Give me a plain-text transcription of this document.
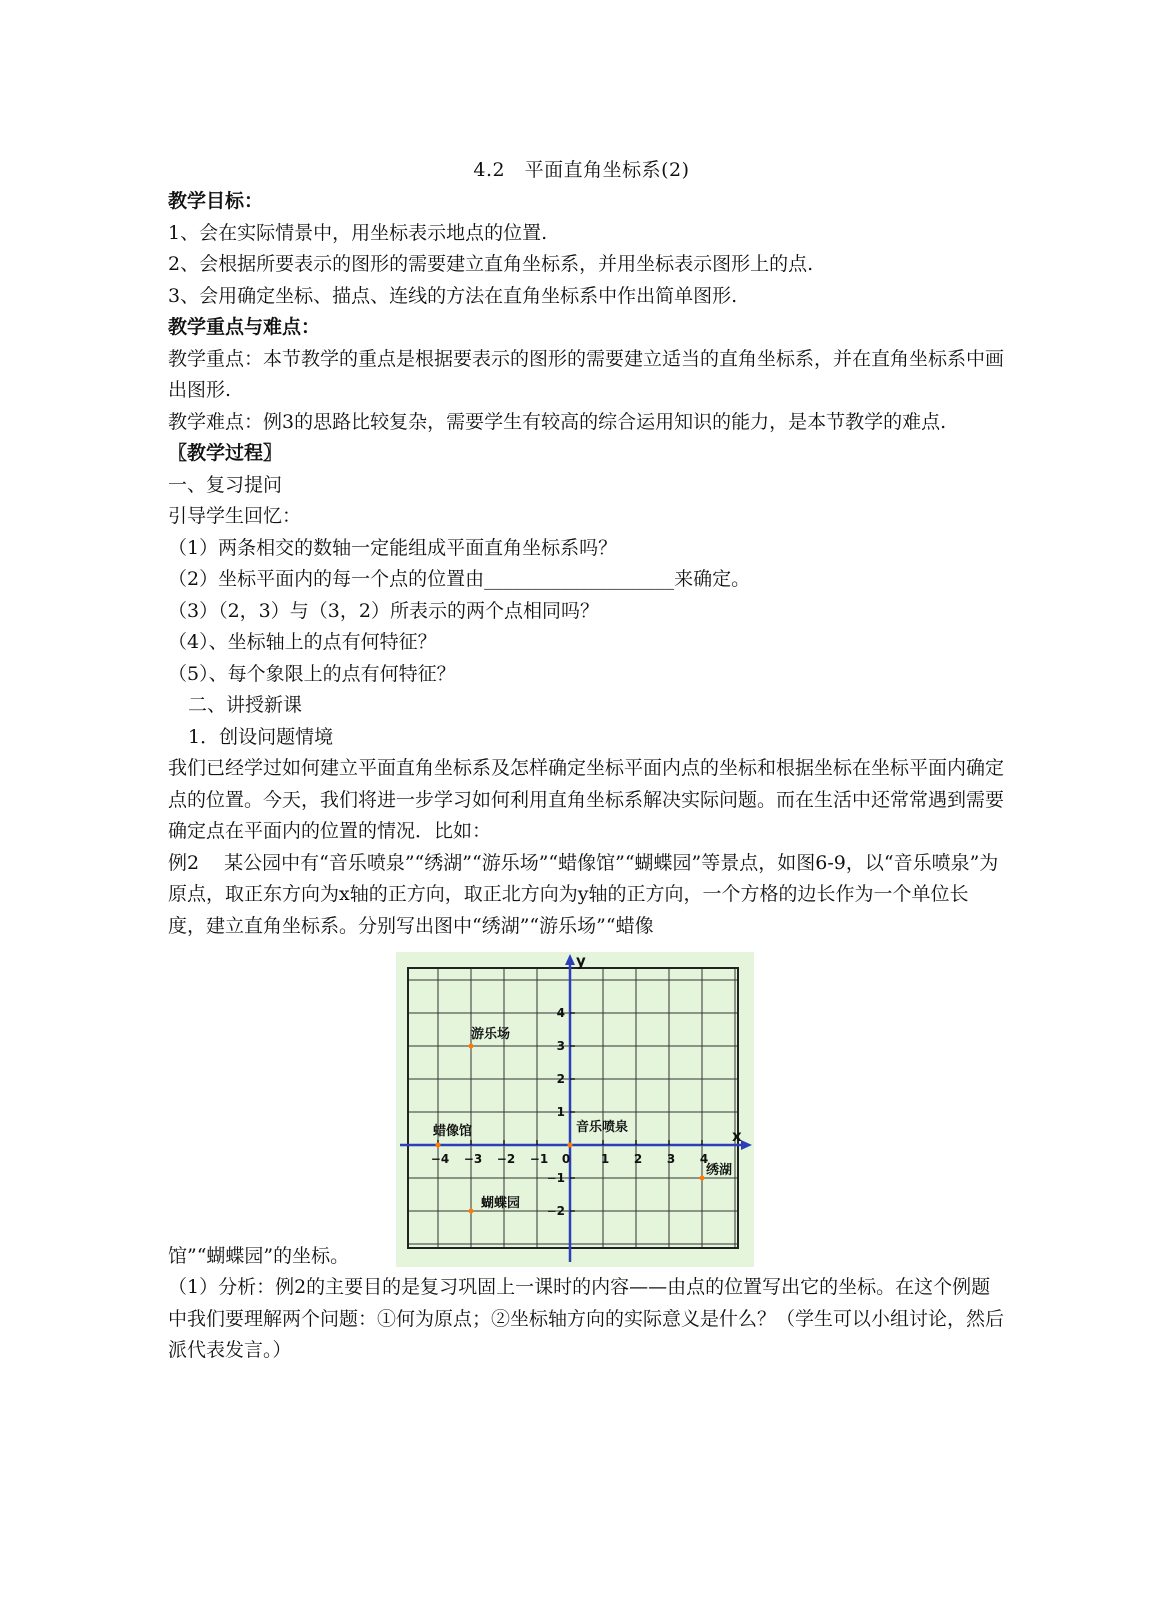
4.2　平面直角坐标系(2)

教学目标：

1、会在实际情景中，用坐标表示地点的位置.

2、会根据所要表示的图形的需要建立直角坐标系，并用坐标表示图形上的点.

3、会用确定坐标、描点、连线的方法在直角坐标系中作出简单图形.

教学重点与难点：

教学重点：本节教学的重点是根据要表示的图形的需要建立适当的直角坐标系，并在直角坐标系中画出图形.

教学难点：例3的思路比较复杂，需要学生有较高的综合运用知识的能力，是本节教学的难点.

〖教学过程〗

一、复习提问

引导学生回忆：

（1）两条相交的数轴一定能组成平面直角坐标系吗？

（2）坐标平面内的每一个点的位置由____________________来确定。

（3）（2，3）与（3，2）所表示的两个点相同吗？

（4）、坐标轴上的点有何特征？

（5）、每个象限上的点有何特征？

二、讲授新课

1．创设问题情境

我们已经学过如何建立平面直角坐标系及怎样确定坐标平面内点的坐标和根据坐标在坐标平面内确定点的位置。今天，我们将进一步学习如何利用直角坐标系解决实际问题。而在生活中还常常遇到需要确定点在平面内的位置的情况．比如：

例2　 某公园中有“音乐喷泉”“绣湖”“游乐场”“蜡像馆”“蝴蝶园”等景点，如图6-9，以“音乐喷泉”为原点，取正东方向为x轴的正方向，取正北方向为y轴的正方向，一个方格的边长作为一个单位长度，建立直角坐标系。分别写出图中“绣湖”“游乐场”“蜡像

馆”“蝴蝶园”的坐标。
y
x
−4 −3 −2 −1 0	1 2 3 4
4
3
2
1
−1
−2
游乐场
蜡像馆	音乐喷泉
绣湖
蝴蝶园

（1）分析：例2的主要目的是复习巩固上一课时的内容——由点的位置写出它的坐标。在这个例题中我们要理解两个问题：①何为原点；②坐标轴方向的实际意义是什么？（学生可以小组讨论，然后派代表发言。）
